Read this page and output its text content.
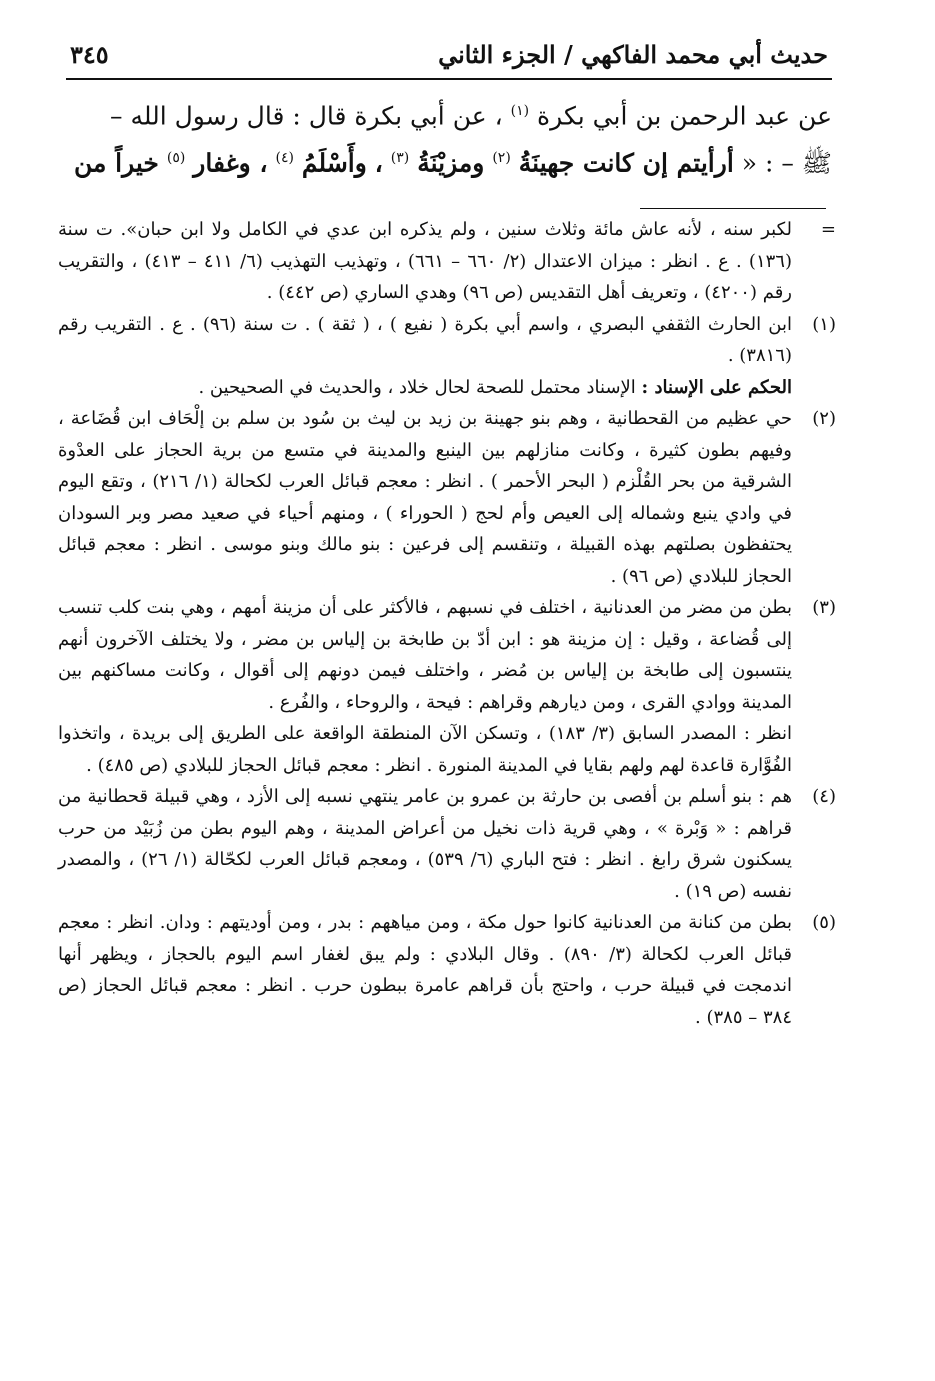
حديث أبي محمد الفاكهي / الجزء الثاني
٣٤٥

عن عبد الرحمن بن أبي بكرة $^{(١)}$ ، عن أبي بكرة قال : قال رسول الله –

ﷺ – : « أرأيتم إن كانت جهينَةُ $^{(٢)}$ ومزيْنَةُ $^{(٣)}$ ، وأَسْلَمُ $^{(٤)}$ ، وغفار $^{(٥)}$ خيراً من

=

لكبر سنه ، لأنه عاش مائة وثلاث سنين ، ولم يذكره ابن عدي في الكامل ولا ابن حبان». ت سنة (١٣٦) . ع . انظر : ميزان الاعتدال (٢/ ٦٦٠ – ٦٦١) ، وتهذيب التهذيب (٦/ ٤١١ – ٤١٣) ، والتقريب رقم (٤٢٠٠) ، وتعريف أهل التقديس (ص ٩٦) وهدي الساري (ص ٤٤٢) .

(١)

ابن الحارث الثقفي البصري ، واسم أبي بكرة ( نفيع ) ، ( ثقة ) . ت سنة (٩٦) . ع . التقريب رقم (٣٨١٦) .

الحكم على الإسناد : الإسناد محتمل للصحة لحال خلاد ، والحديث في الصحيحين .

(٢)

حي عظيم من القحطانية ، وهم بنو جهينة بن زيد بن ليث بن سُود بن سلم بن إلْحَاف ابن قُضَاعة ، وفيهم بطون كثيرة ، وكانت منازلهم بين الينبع والمدينة في متسع من برية الحجاز على العدْوة الشرقية من بحر القُلْزم ( البحر الأحمر ) . انظر : معجم قبائل العرب لكحالة (١/ ٢١٦) ، وتقع اليوم في وادي ينبع وشماله إلى العيص وأم لحج ( الحوراء ) ، ومنهم أحياء في صعيد مصر وبر السودان يحتفظون بصلتهم بهذه القبيلة ، وتنقسم إلى فرعين : بنو مالك وبنو موسى . انظر : معجم قبائل الحجاز للبلادي (ص ٩٦) .

(٣)

بطن من مضر من العدنانية ، اختلف في نسبهم ، فالأكثر على أن مزينة أمهم ، وهي بنت كلب تنسب إلى قُضاعة ، وقيل : إن مزينة هو : ابن أدّ بن طابخة بن إلياس بن مضر ، ولا يختلف الآخرون أنهم ينتسبون إلى طابخة بن إلياس بن مُضر ، واختلف فيمن دونهم إلى أقوال ، وكانت مساكنهم بين المدينة ووادي القرى ، ومن ديارهم وقراهم : فيحة ، والروحاء ، والفُرع .

انظر : المصدر السابق (٣/ ١٨٣) ، وتسكن الآن المنطقة الواقعة على الطريق إلى بريدة ، واتخذوا الفُوَّارة قاعدة لهم ولهم بقايا في المدينة المنورة . انظر : معجم قبائل الحجاز للبلادي (ص ٤٨٥) .

(٤)

هم : بنو أسلم بن أفصى بن حارثة بن عمرو بن عامر ينتهي نسبه إلى الأزد ، وهي قبيلة قحطانية من قراهم : « وَبْرة » ، وهي قرية ذات نخيل من أعراض المدينة ، وهم اليوم بطن من زُبَيْد من حرب يسكنون شرق رابغ . انظر : فتح الباري (٦/ ٥٣٩) ، ومعجم قبائل العرب لكحّالة (١/ ٢٦) ، والمصدر نفسه (ص ١٩) .

(٥)

بطن من كنانة من العدنانية كانوا حول مكة ، ومن مياههم : بدر ، ومن أوديتهم : ودان. انظر : معجم قبائل العرب لكحالة (٣/ ٨٩٠) . وقال البلادي : ولم يبق لغفار اسم اليوم بالحجاز ، ويظهر أنها اندمجت في قبيلة حرب ، واحتج بأن قراهم عامرة ببطون حرب . انظر : معجم قبائل الحجاز (ص ٣٨٤ – ٣٨٥) .
